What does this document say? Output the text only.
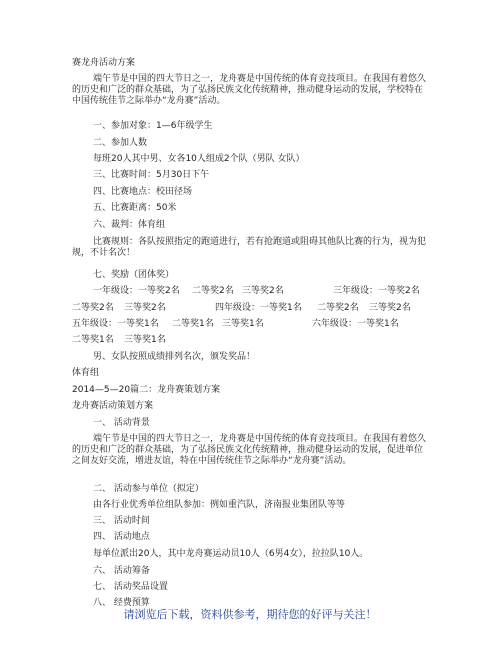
赛龙舟活动方案
端午节是中国的四大节日之一，龙舟赛是中国传统的体育竞技项目。在我国有着悠久的历史和广泛的群众基础，为了弘扬民族文化传统精神，推动健身运动的发展，学校特在中国传统佳节之际举办“龙舟赛”活动。
一、参加对象：1—6年级学生
二、参加人数
每班20人其中男、女各10人组成2个队（男队 女队）
三、比赛时间：5月30日下午
四、比赛地点：校田径场
五、比赛距离：50米
六、裁判：体育组
比赛规则：各队按照指定的跑道进行，若有抢跑道或阻碍其他队比赛的行为，视为犯规，不计名次！
七、奖励（团体奖）
一年级设：一等奖2名 二等奖2名 三等奖2名	三年级设：一等奖2名
二等奖2名 三等奖2名	四年级设：一等奖1名 二等奖2名 三等奖2名
五年级设：一等奖1名 二等奖1名 三等奖1名	六年级设：一等奖1名
二等奖1名 三等奖1名
男、女队按照成绩排列名次，颁发奖品！
体育组
2014—5—20篇二：龙舟赛策划方案
龙舟赛活动策划方案
一、 活动背景
端午节是中国的四大节日之一，龙舟赛是中国传统的体育竞技项目。在我国有着悠久的历史和广泛的群众基础，为了弘扬民族文化传统精神，推动健身运动的发展，促进单位之间友好交流，增进友谊，特在中国传统佳节之际举办“龙舟赛”活动。
二、 活动参与单位（拟定）
由各行业优秀单位组队参加：例如重汽队，济南报业集团队等等
三、 活动时间
四、 活动地点
每单位派出20人，其中龙舟赛运动员10人（6男4女），拉拉队10人。
六、 活动筹备
七、 活动奖品设置
八、 经费预算
请浏览后下载，资料供参考，期待您的好评与关注！
